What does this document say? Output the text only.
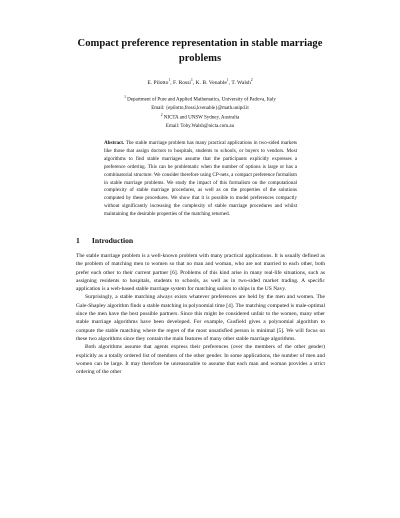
Compact preference representation in stable marriage
problems
E. Pilotto$^1$, F. Rossi$^1$, K. B. Venable$^1$, T. Walsh$^2$
$^1$ Department of Pure and Applied Mathematics, University of Padova, Italy
Email: {epilotto,frossi,kvenable}@math.unipd.it
$^2$ NICTA and UNSW Sydney, Australia
Email: Toby.Walsh@nicta.com.au
Abstract. The stable marriage problem has many practical applications in two-sided markets like those that assign doctors to hospitals, students to schools, or buyers to vendors. Most algorithms to find stable marriages assume that the participants explicitly expresses a preference ordering. This can be problematic when the number of options is large or has a combinatorial structure. We consider therefore using CP-nets, a compact preference formalism in stable marriage problems. We study the impact of this formalism on the computational complexity of stable marriage procedures, as well as on the properties of the solutions computed by these procedures. We show that it is possible to model preferences compactly without significantly increasing the complexity of stable marriage procedures and whilst maintaining the desirable properties of the matching returned.
1 Introduction

The stable marriage problem is a well-known problem with many practical applications. It is usually defined as the problem of matching men to women so that no man and woman, who are not married to each other, both prefer each other to their current partner [6]. Problems of this kind arise in many real-life situations, such as assigning residents to hospitals, students to schools, as well as in two-sided market trading. A specific application is a web-based stable marriage system for matching sailors to ships in the US Navy.

Surprisingly, a stable matching always exists whatever preferences are held by the men and women. The Gale-Shapley algorithm finds a stable matching in polynomial time [4]. The matching computed is male-optimal since the men have the best possible partners. Since this might be considered unfair to the women, many other stable marriage algorithms have been developed. For example, Gusfield gives a polynomial algorithm to compute the stable matching where the regret of the most unsatisfied person is minimal [5]. We will focus on these two algorithms since they contain the main features of many other stable marriage algorithms.

Both algorithms assume that agents express their preferences (over the members of the other gender) explicitly as a totally ordered list of members of the other gender. In some applications, the number of men and women can be large. It may therefore be unreasonable to assume that each man and woman provides a strict ordering of the other
